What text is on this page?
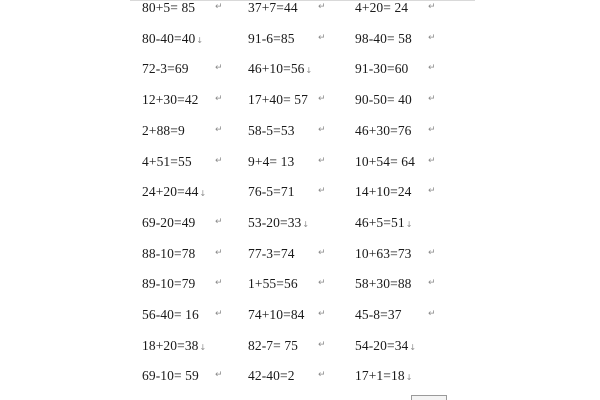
80+5= 85 ↵ 37+7=44 ↵ 4+20= 24 ↵
80-40=40↓	91-6=85	↵ 98-40= 58 ↵
72-3=69	↵ 46+10=56↓	91-30=60 ↵
12+30=42 ↵ 17+40= 57 ↵ 90-50= 40 ↵
2+88=9	↵ 58-5=53	↵ 46+30=76 ↵
4+51=55	↵ 9+4= 13	↵ 10+54= 64 ↵
24+20=44↓	76-5=71	↵ 14+10=24 ↵
69-20=49 ↵ 53-20=33↓	46+5=51↓
88-10=78 ↵ 77-3=74	↵ 10+63=73 ↵
89-10=79 ↵ 1+55=56 ↵ 58+30=88 ↵
56-40= 16 ↵ 74+10=84 ↵ 45-8=37	↵
18+20=38↓	82-7= 75 ↵ 54-20=34↓
69-10= 59 ↵ 42-40=2	↵ 17+1=18↓
